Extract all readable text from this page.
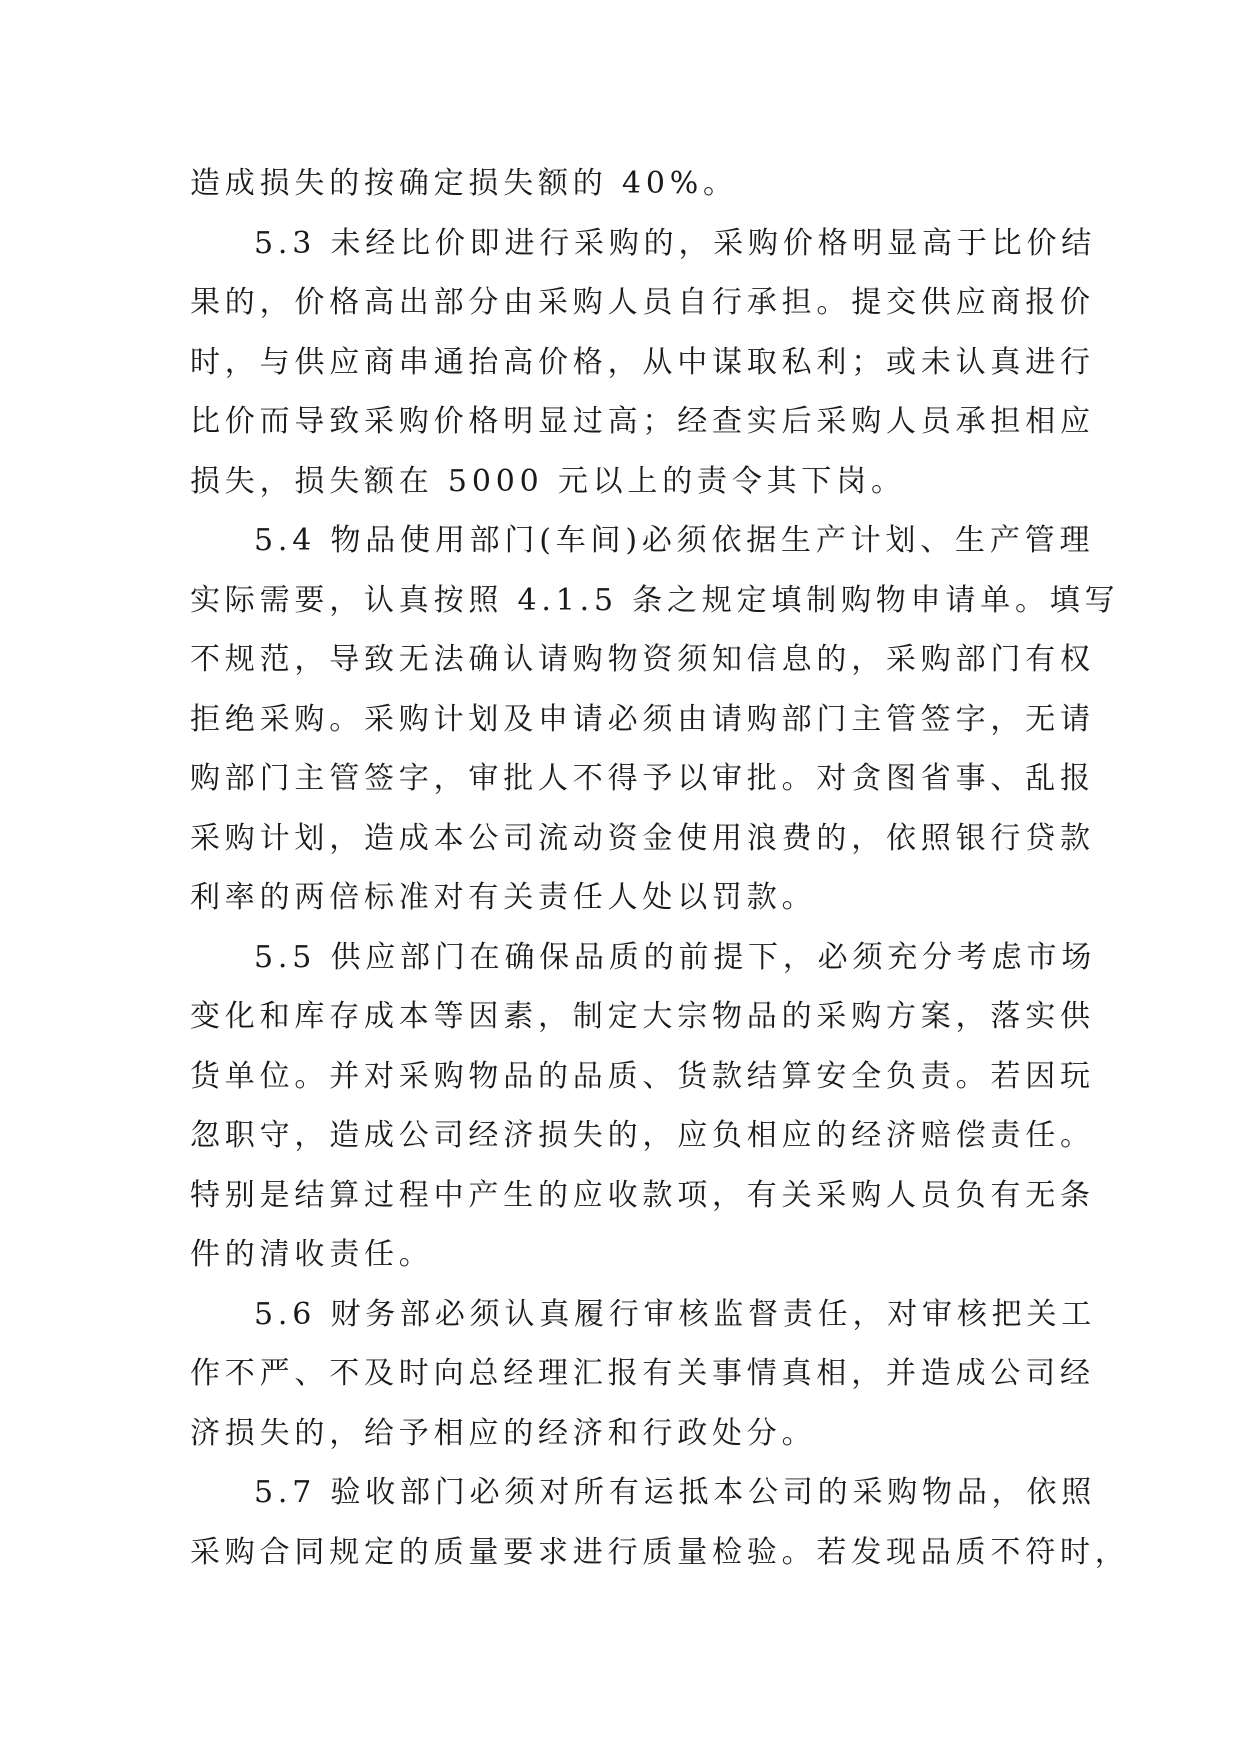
造成损失的按确定损失额的 40%。
5.3 未经比价即进行采购的，采购价格明显高于比价结
果的，价格高出部分由采购人员自行承担。提交供应商报价
时，与供应商串通抬高价格，从中谋取私利；或未认真进行
比价而导致采购价格明显过高；经查实后采购人员承担相应
损失，损失额在 5000 元以上的责令其下岗。
5.4 物品使用部门(车间)必须依据生产计划、生产管理
实际需要，认真按照 4.1.5 条之规定填制购物申请单。填写
不规范，导致无法确认请购物资须知信息的，采购部门有权
拒绝采购。采购计划及申请必须由请购部门主管签字，无请
购部门主管签字，审批人不得予以审批。对贪图省事、乱报
采购计划，造成本公司流动资金使用浪费的，依照银行贷款
利率的两倍标准对有关责任人处以罚款。
5.5 供应部门在确保品质的前提下，必须充分考虑市场
变化和库存成本等因素，制定大宗物品的采购方案，落实供
货单位。并对采购物品的品质、货款结算安全负责。若因玩
忽职守，造成公司经济损失的，应负相应的经济赔偿责任。
特别是结算过程中产生的应收款项，有关采购人员负有无条
件的清收责任。
5.6 财务部必须认真履行审核监督责任，对审核把关工
作不严、不及时向总经理汇报有关事情真相，并造成公司经
济损失的，给予相应的经济和行政处分。
5.7 验收部门必须对所有运抵本公司的采购物品，依照
采购合同规定的质量要求进行质量检验。若发现品质不符时，
